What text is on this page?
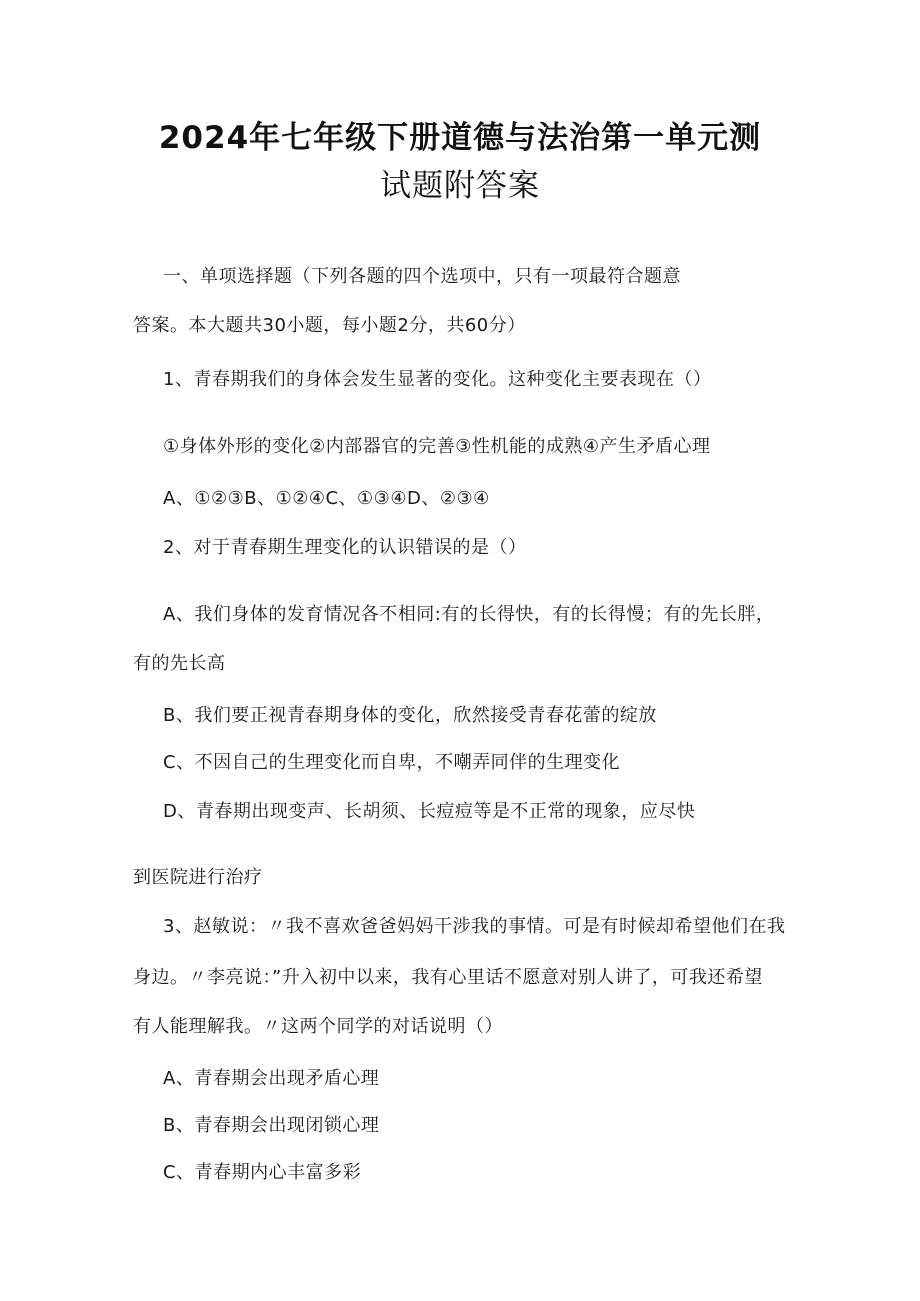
2024年七年级下册道德与法治第一单元测
试题附答案
一、单项选择题（下列各题的四个选项中，只有一项最符合题意
答案。本大题共30小题，每小题2分，共60分）
1、青春期我们的身体会发生显著的变化。这种变化主要表现在（）
①身体外形的变化②内部器官的完善③性机能的成熟④产生矛盾心理
A、①②③B、①②④C、①③④D、②③④
2、对于青春期生理变化的认识错误的是（）
A、我们身体的发育情况各不相同:有的长得快，有的长得慢；有的先长胖，
有的先长高
B、我们要正视青春期身体的变化，欣然接受青春花蕾的绽放
C、不因自己的生理变化而自卑，不嘲弄同伴的生理变化
D、青春期出现变声、长胡须、长痘痘等是不正常的现象，应尽快
到医院进行治疗
3、赵敏说：〃我不喜欢爸爸妈妈干涉我的事情。可是有时候却希望他们在我
身边。〃李亮说：”升入初中以来，我有心里话不愿意对别人讲了，可我还希望
有人能理解我。〃这两个同学的对话说明（）
A、青春期会出现矛盾心理
B、青春期会出现闭锁心理
C、青春期内心丰富多彩
